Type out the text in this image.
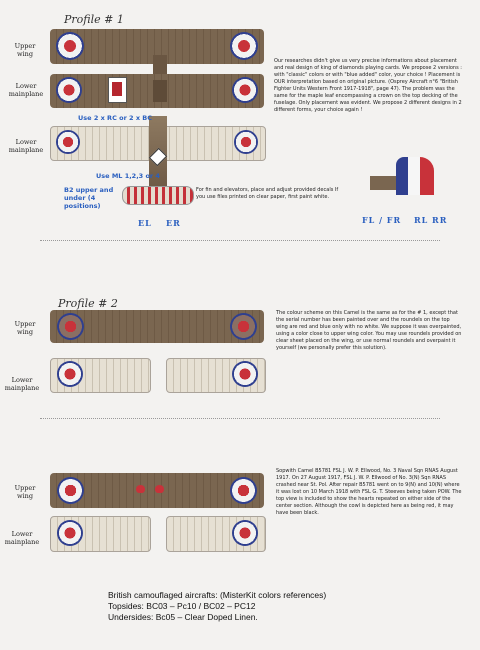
Profile # 1
Upper wing
Lower mainplane
Lower mainplane
Use 2 x RC or 2 x BC
Use ML 1,2,3 or 4
B2 upper and under (4 positions)
EL ER	FL / FR RL RR
Our researches didn't give us very precise informations about placement and real design of king of diamonds playing cards. We propose 2 versions : with "classic" colors or with "blue added" color, your choice ! Placement is OUR interpretation based on original picture. (Osprey Aircraft n°6 "British Fighter Units Western Front 1917-1918", page 47). The problem was the same for the maple leaf encompassing a crown on the top decking of the fuselage. Only placement was evident. We propose 2 different designs in 2 different forms, your choice again !
For fin and elevators, place and adjust provided decals If you use files printed on clear paper, first paint white.
Profile # 2
Upper wing
Lower mainplane
The colour scheme on this Camel is the same as for the # 1, except that the serial number has been painted over and the roundels on the top wing are red and blue only with no white. We suppose it was overpainted, using a color close to upper wing color. You may use roundels provided on clear sheet placed on the wing, or use normal roundels and overpaint it yourself (we personally prefer this solution).
Upper wing
Lower mainplane
Sopwith Camel B5781 FSL J. W. P. Ellwood, No. 3 Naval Sqn RNAS August 1917. On 27 August 1917, FSL J. W. P. Ellwood of No. 3(N) Sqn RNAS crashed near St. Pol. After repair B5781 went on to 9(N) and 10(N) where it was lost on 10 March 1918 with FSL G. T. Steeves being taken POW. The top view is included to show the hearts repeated on either side of the center section. Although the cowl is depicted here as being red, it may have been black.
British camouflaged aircrafts: (MisterKit colors references)
Topsides: BC03 – Pc10 / BC02 – PC12
Undersides: Bc05 – Clear Doped Linen.
